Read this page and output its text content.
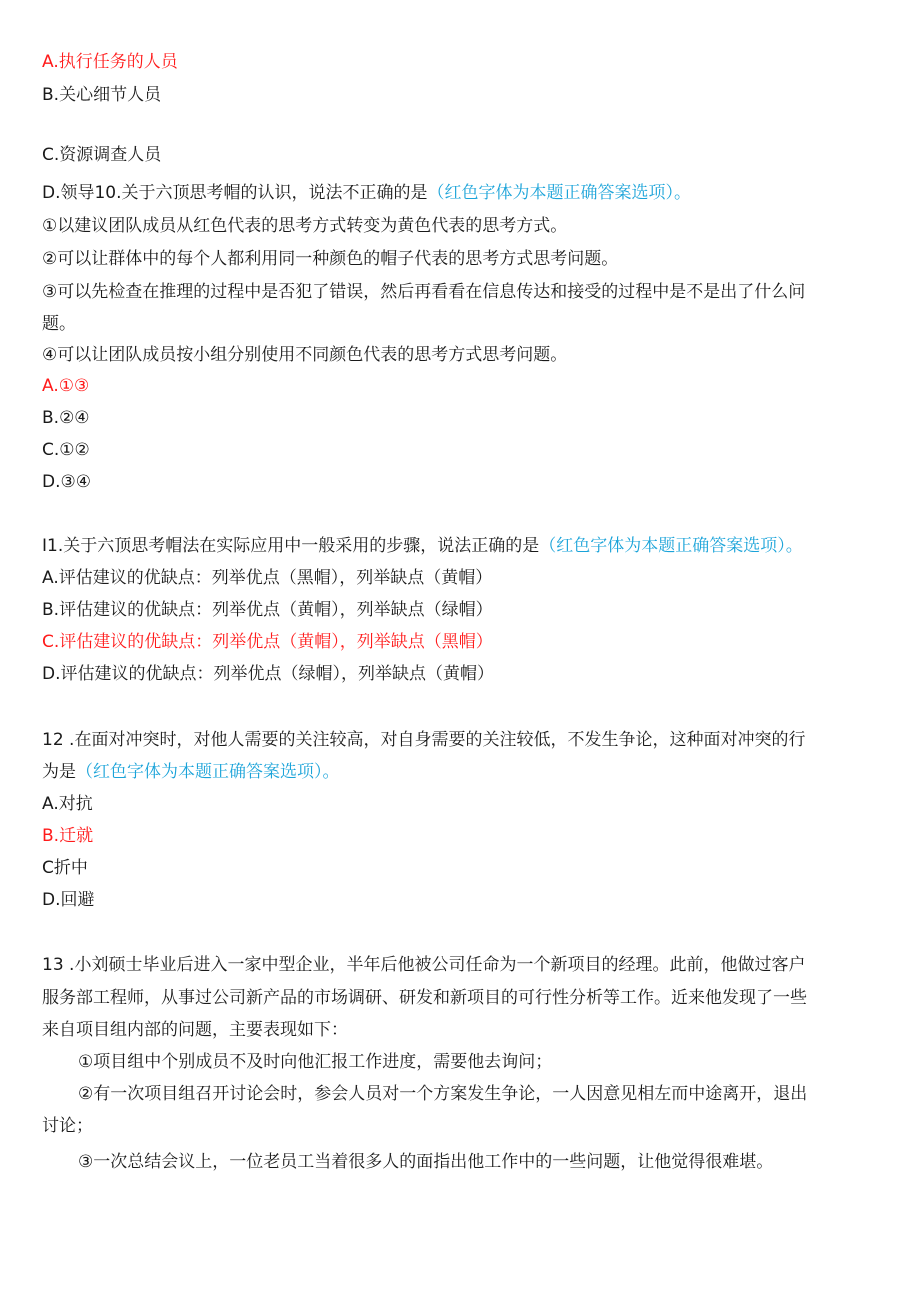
A.执行任务的人员
B.关心细节人员
C.资源调查人员
D.领导10.关于六顶思考帽的认识，说法不正确的是（红色字体为本题正确答案选项）。
①以建议团队成员从红色代表的思考方式转变为黄色代表的思考方式。
②可以让群体中的每个人都利用同一种颜色的帽子代表的思考方式思考问题。
③可以先检查在推理的过程中是否犯了错误，然后再看看在信息传达和接受的过程中是不是出了什么问
题。
④可以让团队成员按小组分别使用不同颜色代表的思考方式思考问题。
A.①③
B.②④
C.①②
D.③④
I1.关于六顶思考帽法在实际应用中一般采用的步骤，说法正确的是（红色字体为本题正确答案选项）。
A.评估建议的优缺点：列举优点（黑帽），列举缺点（黄帽）
B.评估建议的优缺点：列举优点（黄帽），列举缺点（绿帽）
C.评估建议的优缺点：列举优点（黄帽），列举缺点（黑帽）
D.评估建议的优缺点：列举优点（绿帽），列举缺点（黄帽）
12 .在面对冲突时，对他人需要的关注较高，对自身需要的关注较低，不发生争论，这种面对冲突的行
为是（红色字体为本题正确答案选项）。
A.对抗
B.迁就
C折中
D.回避
13 .小刘硕士毕业后进入一家中型企业，半年后他被公司任命为一个新项目的经理。此前，他做过客户
服务部工程师，从事过公司新产品的市场调研、研发和新项目的可行性分析等工作。近来他发现了一些
来自项目组内部的问题，主要表现如下：
①项目组中个别成员不及时向他汇报工作进度，需要他去询问；
②有一次项目组召开讨论会时，参会人员对一个方案发生争论，一人因意见相左而中途离开，退出
讨论；
③一次总结会议上，一位老员工当着很多人的面指出他工作中的一些问题，让他觉得很难堪。
